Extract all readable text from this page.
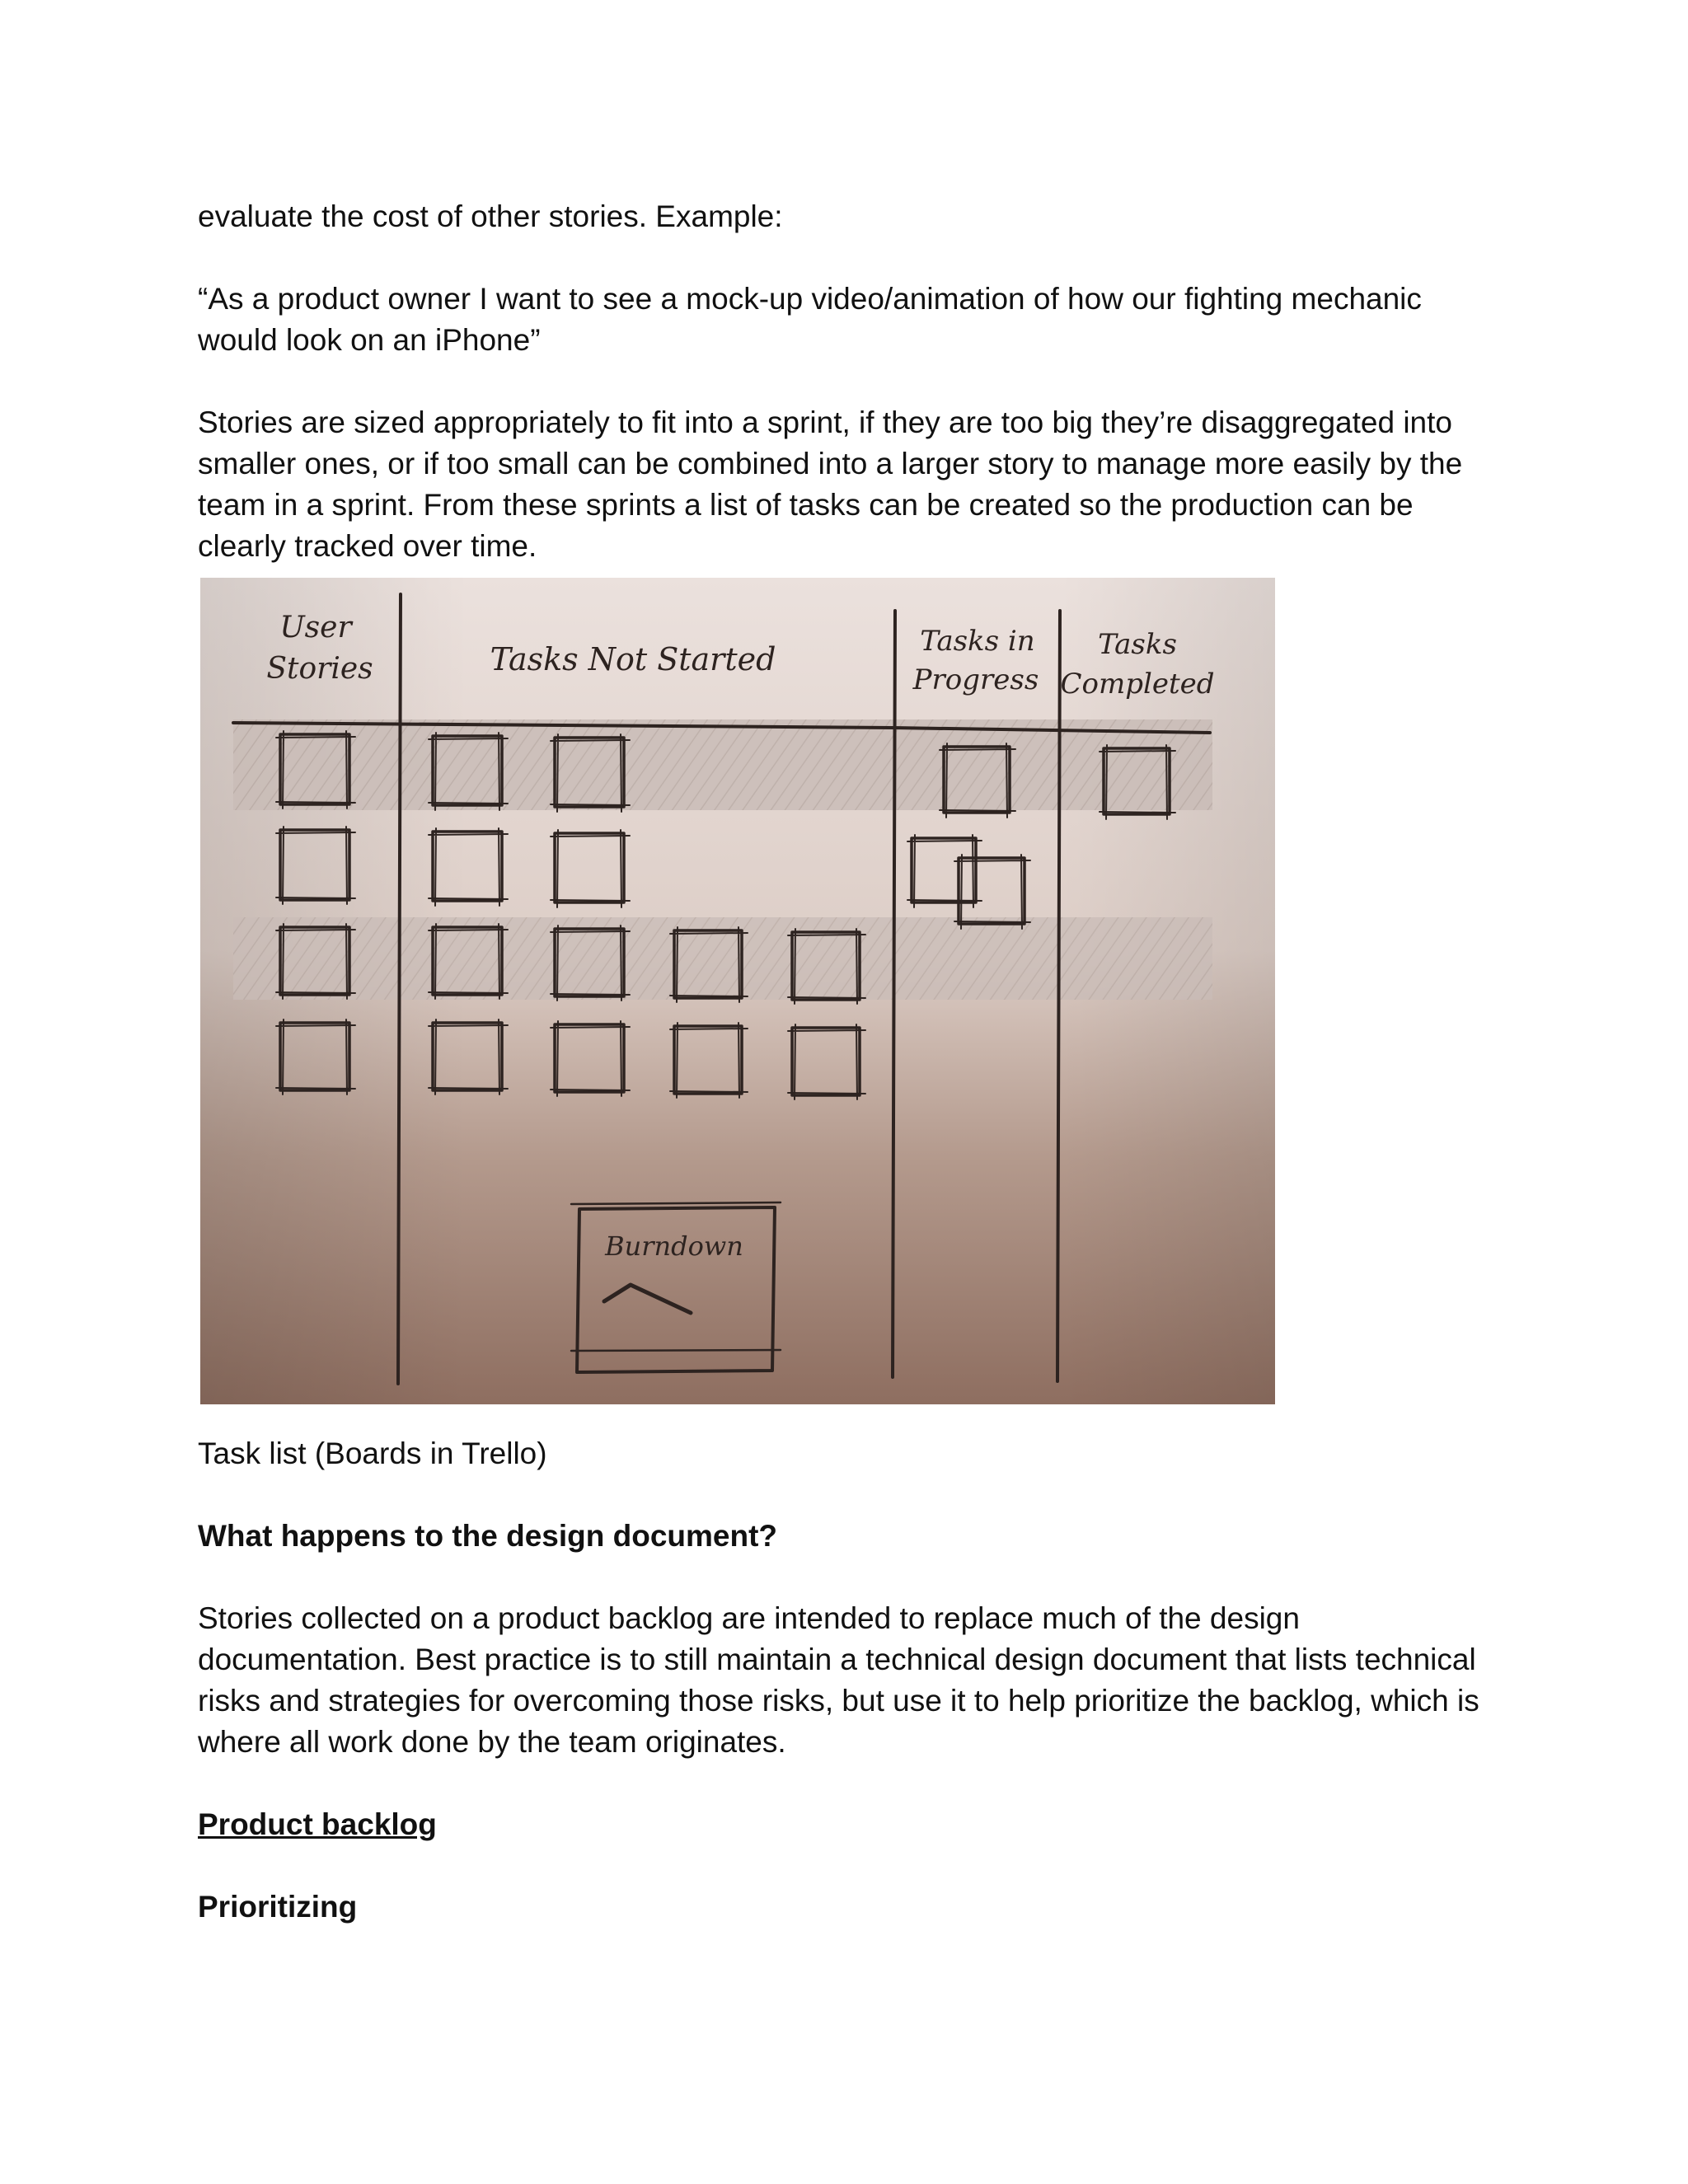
evaluate the cost of other stories. Example:

“As a product owner I want to see a mock-up video/animation of how our fighting mechanic

would look on an iPhone”

Stories are sized appropriately to fit into a sprint, if they are too big they’re disaggregated into

smaller ones, or if too small can be combined into a larger story to manage more easily by the

team in a sprint. From these sprints a list of tasks can be created so the production can be

clearly tracked over time.

User
Stories	Tasks Not Started	Tasks in
Progress
Tasks
Completed
Burndown

Task list (Boards in Trello)

What happens to the design document?

Stories collected on a product backlog are intended to replace much of the design

documentation. Best practice is to still maintain a technical design document that lists technical

risks and strategies for overcoming those risks, but use it to help prioritize the backlog, which is

where all work done by the team originates.

Product backlog

Prioritizing
